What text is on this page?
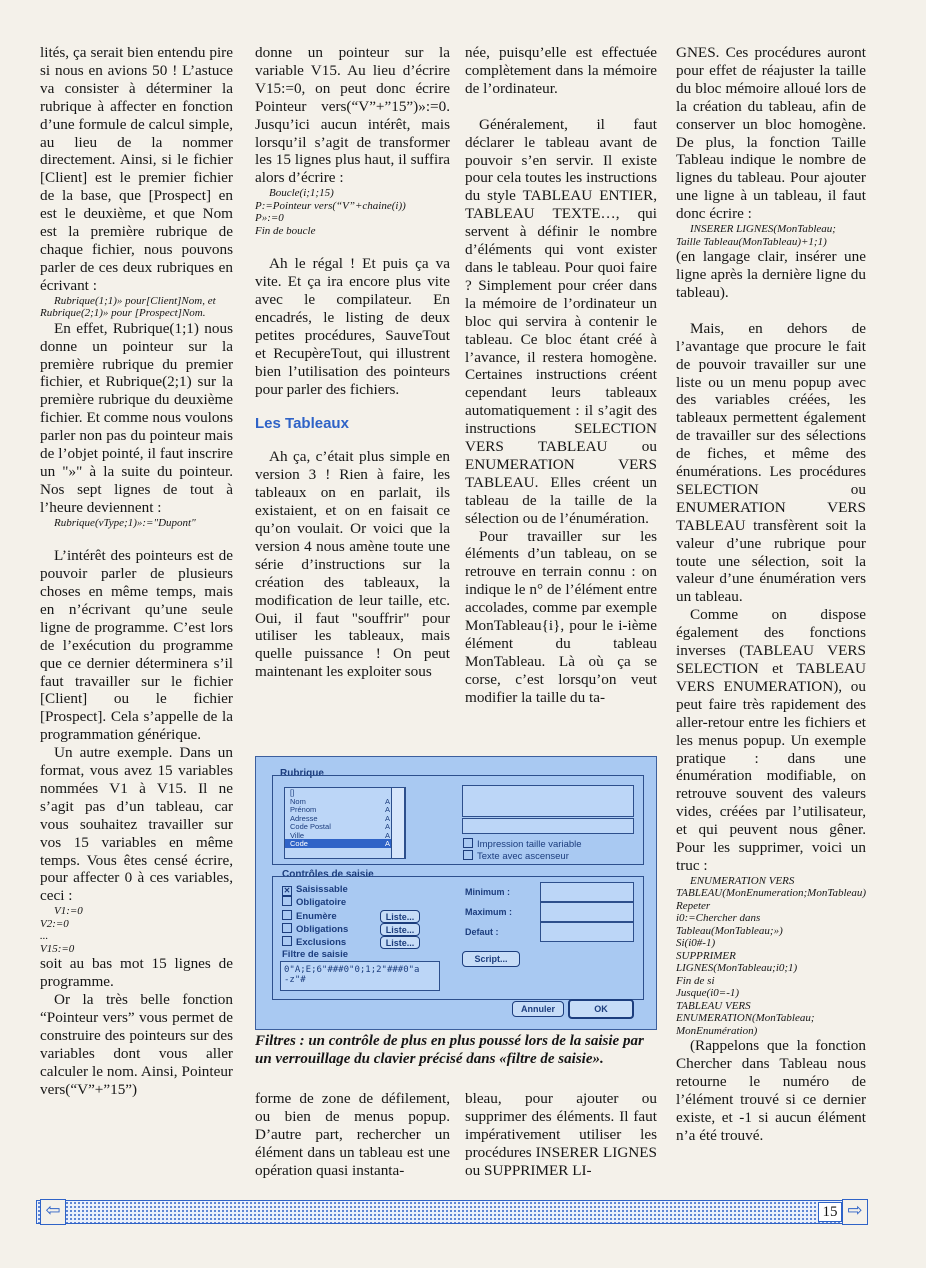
lités, ça serait bien entendu pire si nous en avions 50 ! L’astuce va consister à déterminer la rubrique à affecter en fonction d’une formule de calcul simple, au lieu de la nommer directement. Ainsi, si le fichier [Client] est le premier fichier de la base, que [Prospect] en est le deuxième, et que Nom est la première rubrique de chaque fichier, nous pouvons parler de ces deux rubriques en écrivant :

Rubrique(1;1)» pour[Client]Nom, et
Rubrique(2;1)» pour [Prospect]Nom.

En effet, Rubrique(1;1) nous donne un pointeur sur la première rubrique du premier fichier, et Rubrique(2;1) sur la première rubrique du deuxième fichier. Et comme nous voulons parler non pas du pointeur mais de l’objet pointé, il faut inscrire un "»" à la suite du pointeur. Nos sept lignes de tout à l’heure deviennent :

Rubrique(vType;1)»:="Dupont"

L’intérêt des pointeurs est de pouvoir parler de plusieurs choses en même temps, mais en n’écrivant qu’une seule ligne de programme. C’est lors de l’exécution du programme que ce dernier déterminera s’il faut travailler sur le fichier [Client] ou le fichier [Prospect]. Cela s’appelle de la programmation générique.

Un autre exemple. Dans un format, vous avez 15 variables nommées V1 à V15. Il ne s’agit pas d’un tableau, car vous souhaitez travailler sur vos 15 variables en même temps. Vous êtes censé écrire, pour affecter 0 à ces variables, ceci :

V1:=0
V2:=0
...
V15:=0

soit au bas mot 15 lignes de programme.

Or la très belle fonction “Pointeur vers” vous permet de construire des pointeurs sur des variables dont vous aller calculer le nom. Ainsi, Pointeur vers(“V”+”15”)

donne un pointeur sur la variable V15. Au lieu d’écrire V15:=0, on peut donc écrire Pointeur vers(“V”+”15”)»:=0. Jusqu’ici aucun intérêt, mais lorsqu’il s’agit de transformer les 15 lignes plus haut, il suffira alors d’écrire :

Boucle(i;1;15)
P:=Pointeur vers(“V”+chaine(i))
P»:=0
Fin de boucle

Ah le régal ! Et puis ça va vite. Et ça ira encore plus vite avec le compilateur. En encadrés, le listing de deux petites procédures, SauveTout et RecupèreTout, qui illustrent bien l’utilisation des pointeurs pour parler des fichiers.

Les Tableaux

Ah ça, c’était plus simple en version 3 ! Rien à faire, les tableaux on en parlait, ils existaient, et on en faisait ce qu’on voulait. Or voici que la version 4 nous amène toute une série d’instructions sur la création des tableaux, la modification de leur taille, etc. Oui, il faut "souffrir" pour utiliser les tableaux, mais quelle puissance ! On peut maintenant les exploiter sous

née, puisqu’elle est effectuée complètement dans la mémoire de l’ordinateur.

Généralement, il faut déclarer le tableau avant de pouvoir s’en servir. Il existe pour cela toutes les instructions du style TABLEAU ENTIER, TABLEAU TEXTE…, qui servent à définir le nombre d’éléments qui vont exister dans le tableau. Pour quoi faire ? Simplement pour créer dans la mémoire de l’ordinateur un bloc qui servira à contenir le tableau. Ce bloc étant créé à l’avance, il restera homogène. Certaines instructions créent cependant leurs tableaux automatiquement : il s’agit des instructions SELECTION VERS TABLEAU ou ENUMERATION VERS TABLEAU. Elles créent un tableau de la taille de la sélection ou de l’énumération.

Pour travailler sur les éléments d’un tableau, on se retrouve en terrain connu : on indique le n° de l’élément entre accolades, comme par exemple MonTableau{i}, pour le i-ième élément du tableau MonTableau. Là où ça se corse, c’est lorsqu’on veut modifier la taille du ta-

GNES. Ces procédures auront pour effet de réajuster la taille du bloc mémoire alloué lors de la création du tableau, afin de conserver un bloc homogène. De plus, la fonction Taille Tableau indique le nombre de lignes du tableau. Pour ajouter une ligne à un tableau, il faut donc écrire :

INSERER LIGNES(MonTableau;
Taille Tableau(MonTableau)+1;1)

(en langage clair, insérer une ligne après la dernière ligne du tableau).

Mais, en dehors de l’avantage que procure le fait de pouvoir travailler sur une liste ou un menu popup avec des variables créées, les tableaux permettent également de travailler sur des sélections de fiches, et même des énumérations. Les procédures SELECTION ou ENUMERATION VERS TABLEAU transfèrent soit la valeur d’une rubrique pour toute une sélection, soit la valeur d’une énumération vers un tableau.

Comme on dispose également des fonctions inverses (TABLEAU VERS SELECTION et TABLEAU VERS ENUMERATION), ou peut faire très rapidement des aller-retour entre les fichiers et les menus popup. Un exemple pratique : dans une énumération modifiable, on retrouve souvent des valeurs vides, créées par l’utilisateur, et qui peuvent nous gêner. Pour les supprimer, voici un truc :

ENUMERATION VERS
TABLEAU(MonEnumeration;MonTableau)
Repeter
i0:=Chercher dans
Tableau(MonTableau;»)
Si(i0#-1)
SUPPRIMER
LIGNES(MonTableau;i0;1)
Fin de si
Jusque(i0=-1)
TABLEAU VERS
ENUMERATION(MonTableau;
MonEnumération)

(Rappelons que la fonction Chercher dans Tableau nous retourne le numéro de l’élément trouvé si ce dernier existe, et -1 si aucun élément n’a été trouvé.

forme de zone de défilement, ou bien de menus popup. D’autre part, rechercher un élément dans un tableau est une opération quasi instanta-

bleau, pour ajouter ou supprimer des éléments. Il faut impérativement utiliser les procédures INSERER LIGNES ou SUPPRIMER LI-

Rubrique
[]
Nom	A
Prénom	A
Adresse	A
Code Postal	A
Ville	A
Code	A	Impression taille variable
Texte avec ascenseur
Contrôles de saisie
✕ Saisissable
Obligatoire
Enumère
Obligations
Exclusions
Liste...
Liste...
Liste...
Filtre de saisie
0"A;E;6"###0"0;1;2"###0"a
-z"#
Minimum :
Maximum :
Defaut :
Script...
Annuler	OK
Filtres : un contrôle de plus en plus poussé lors de la saisie par un verrouillage du clavier précisé dans «filtre de saisie».
⇦	⇨
15
